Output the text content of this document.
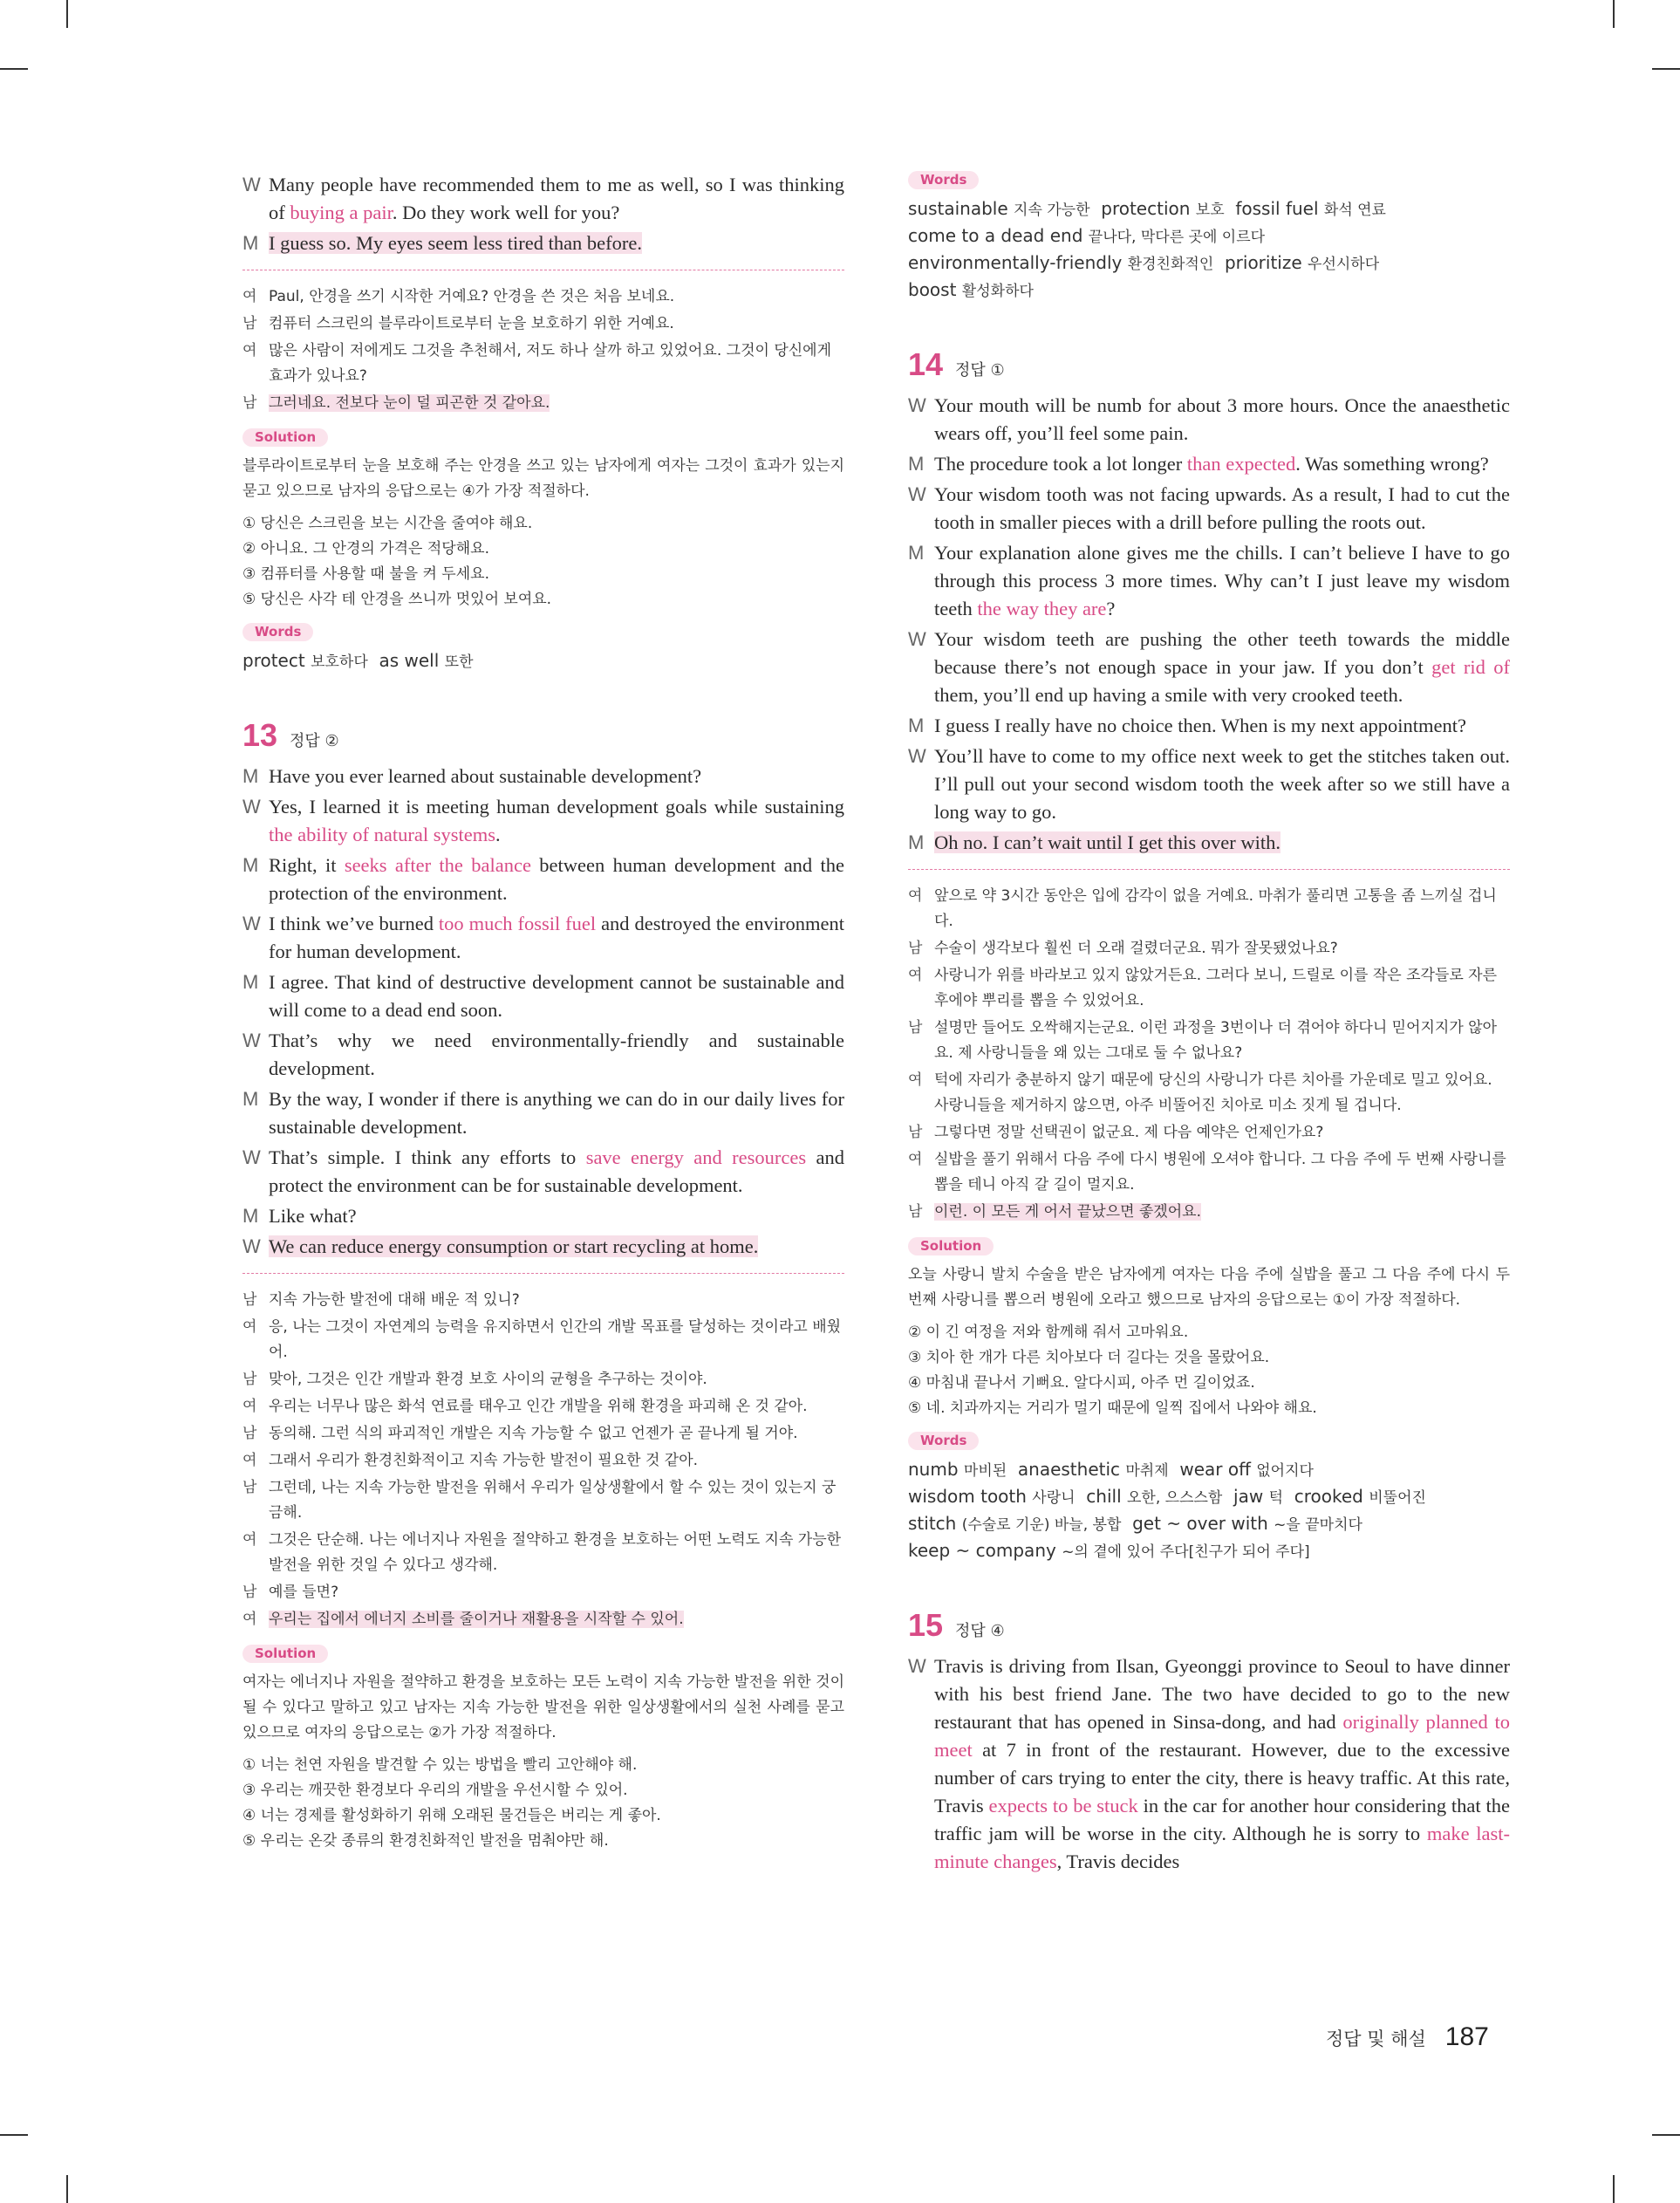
W Many people have recommended them to me as well, so I was thinking of buying a pair. Do they work well for you?

M I guess so. My eyes seem less tired than before.

여 Paul, 안경을 쓰기 시작한 거예요? 안경을 쓴 것은 처음 보네요.

남 컴퓨터 스크린의 블루라이트로부터 눈을 보호하기 위한 거예요.

여 많은 사람이 저에게도 그것을 추천해서, 저도 하나 살까 하고 있었어요. 그것이 당신에게 효과가 있나요?

남 그러네요. 전보다 눈이 덜 피곤한 것 같아요.

Solution

블루라이트로부터 눈을 보호해 주는 안경을 쓰고 있는 남자에게 여자는 그것이 효과가 있는지 묻고 있으므로 남자의 응답으로는 ④가 가장 적절하다.

① 당신은 스크린을 보는 시간을 줄여야 해요.

② 아니요. 그 안경의 가격은 적당해요.

③ 컴퓨터를 사용할 때 불을 켜 두세요.

⑤ 당신은 사각 테 안경을 쓰니까 멋있어 보여요.

Words

protect 보호하다  as well 또한

13 정답 ②

M Have you ever learned about sustainable development?

W Yes, I learned it is meeting human development goals while sustaining the ability of natural systems.

M Right, it seeks after the balance between human development and the protection of the environment.

W I think we’ve burned too much fossil fuel and destroyed the environment for human development.

M I agree. That kind of destructive development cannot be sustainable and will come to a dead end soon.

W That’s why we need environmentally-friendly and sustainable development.

M By the way, I wonder if there is anything we can do in our daily lives for sustainable development.

W That’s simple. I think any efforts to save energy and resources and protect the environment can be for sustainable development.

M Like what?

W We can reduce energy consumption or start recycling at home.

남 지속 가능한 발전에 대해 배운 적 있니?

여 응, 나는 그것이 자연계의 능력을 유지하면서 인간의 개발 목표를 달성하는 것이라고 배웠어.

남 맞아, 그것은 인간 개발과 환경 보호 사이의 균형을 추구하는 것이야.

여 우리는 너무나 많은 화석 연료를 태우고 인간 개발을 위해 환경을 파괴해 온 것 같아.

남 동의해. 그런 식의 파괴적인 개발은 지속 가능할 수 없고 언젠가 곧 끝나게 될 거야.

여 그래서 우리가 환경친화적이고 지속 가능한 발전이 필요한 것 같아.

남 그런데, 나는 지속 가능한 발전을 위해서 우리가 일상생활에서 할 수 있는 것이 있는지 궁금해.

여 그것은 단순해. 나는 에너지나 자원을 절약하고 환경을 보호하는 어떤 노력도 지속 가능한 발전을 위한 것일 수 있다고 생각해.

남 예를 들면?

여 우리는 집에서 에너지 소비를 줄이거나 재활용을 시작할 수 있어.

Solution

여자는 에너지나 자원을 절약하고 환경을 보호하는 모든 노력이 지속 가능한 발전을 위한 것이 될 수 있다고 말하고 있고 남자는 지속 가능한 발전을 위한 일상생활에서의 실천 사례를 묻고 있으므로 여자의 응답으로는 ②가 가장 적절하다.

① 너는 천연 자원을 발견할 수 있는 방법을 빨리 고안해야 해.

③ 우리는 깨끗한 환경보다 우리의 개발을 우선시할 수 있어.

④ 너는 경제를 활성화하기 위해 오래된 물건들은 버리는 게 좋아.

⑤ 우리는 온갖 종류의 환경친화적인 발전을 멈춰야만 해.

Words

sustainable 지속 가능한  protection 보호  fossil fuel 화석 연료

come to a dead end 끝나다, 막다른 곳에 이르다

environmentally-friendly 환경친화적인  prioritize 우선시하다

boost 활성화하다

14 정답 ①

W Your mouth will be numb for about 3 more hours. Once the anaesthetic wears off, you’ll feel some pain.

M The procedure took a lot longer than expected. Was something wrong?

W Your wisdom tooth was not facing upwards. As a result, I had to cut the tooth in smaller pieces with a drill before pulling the roots out.

M Your explanation alone gives me the chills. I can’t believe I have to go through this process 3 more times. Why can’t I just leave my wisdom teeth the way they are?

W Your wisdom teeth are pushing the other teeth towards the middle because there’s not enough space in your jaw. If you don’t get rid of them, you’ll end up having a smile with very crooked teeth.

M I guess I really have no choice then. When is my next appointment?

W You’ll have to come to my office next week to get the stitches taken out. I’ll pull out your second wisdom tooth the week after so we still have a long way to go.

M Oh no. I can’t wait until I get this over with.

여 앞으로 약 3시간 동안은 입에 감각이 없을 거예요. 마취가 풀리면 고통을 좀 느끼실 겁니다.

남 수술이 생각보다 훨씬 더 오래 걸렸더군요. 뭐가 잘못됐었나요?

여 사랑니가 위를 바라보고 있지 않았거든요. 그러다 보니, 드릴로 이를 작은 조각들로 자른 후에야 뿌리를 뽑을 수 있었어요.

남 설명만 들어도 오싹해지는군요. 이런 과정을 3번이나 더 겪어야 하다니 믿어지지가 않아요. 제 사랑니들을 왜 있는 그대로 둘 수 없나요?

여 턱에 자리가 충분하지 않기 때문에 당신의 사랑니가 다른 치아를 가운데로 밀고 있어요. 사랑니들을 제거하지 않으면, 아주 비뚤어진 치아로 미소 짓게 될 겁니다.

남 그렇다면 정말 선택권이 없군요. 제 다음 예약은 언제인가요?

여 실밥을 풀기 위해서 다음 주에 다시 병원에 오셔야 합니다. 그 다음 주에 두 번째 사랑니를 뽑을 테니 아직 갈 길이 멀지요.

남 이런. 이 모든 게 어서 끝났으면 좋겠어요.

Solution

오늘 사랑니 발치 수술을 받은 남자에게 여자는 다음 주에 실밥을 풀고 그 다음 주에 다시 두 번째 사랑니를 뽑으러 병원에 오라고 했으므로 남자의 응답으로는 ①이 가장 적절하다.

② 이 긴 여정을 저와 함께해 줘서 고마워요.

③ 치아 한 개가 다른 치아보다 더 길다는 것을 몰랐어요.

④ 마침내 끝나서 기뻐요. 알다시피, 아주 먼 길이었죠.

⑤ 네. 치과까지는 거리가 멀기 때문에 일찍 집에서 나와야 해요.

Words

numb 마비된  anaesthetic 마취제  wear off 없어지다

wisdom tooth 사랑니  chill 오한, 으스스함  jaw 턱  crooked 비뚤어진

stitch (수술로 기운) 바늘, 봉합  get ~ over with ~을 끝마치다

keep ~ company ~의 곁에 있어 주다[친구가 되어 주다]

15 정답 ④

W Travis is driving from Ilsan, Gyeonggi province to Seoul to have dinner with his best friend Jane. The two have decided to go to the new restaurant that has opened in Sinsa-dong, and had originally planned to meet at 7 in front of the restaurant. However, due to the excessive number of cars trying to enter the city, there is heavy traffic. At this rate, Travis expects to be stuck in the car for another hour considering that the traffic jam will be worse in the city. Although he is sorry to make last-minute changes, Travis decides

정답 및 해설 187
